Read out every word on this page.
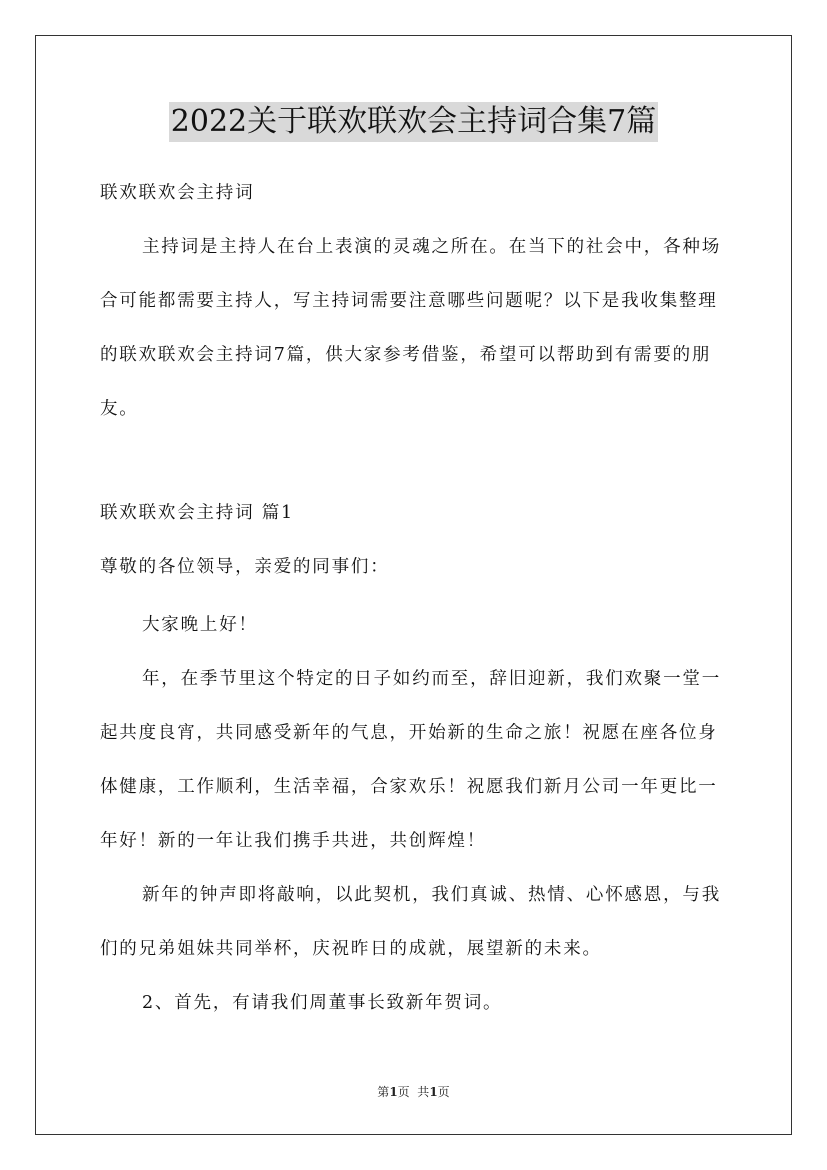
2022关于联欢联欢会主持词合集7篇

联欢联欢会主持词

主持词是主持人在台上表演的灵魂之所在。在当下的社会中，各种场合可能都需要主持人，写主持词需要注意哪些问题呢？以下是我收集整理的联欢联欢会主持词7篇，供大家参考借鉴，希望可以帮助到有需要的朋友。

联欢联欢会主持词 篇1

尊敬的各位领导，亲爱的同事们：

大家晚上好！

年，在季节里这个特定的日子如约而至，辞旧迎新，我们欢聚一堂一起共度良宵，共同感受新年的气息，开始新的生命之旅！祝愿在座各位身体健康，工作顺利，生活幸福，合家欢乐！祝愿我们新月公司一年更比一年好！新的一年让我们携手共进，共创辉煌！

新年的钟声即将敲响，以此契机，我们真诚、热情、心怀感恩，与我们的兄弟姐妹共同举杯，庆祝昨日的成就，展望新的未来。

2、首先，有请我们周董事长致新年贺词。

第1页  共1页
